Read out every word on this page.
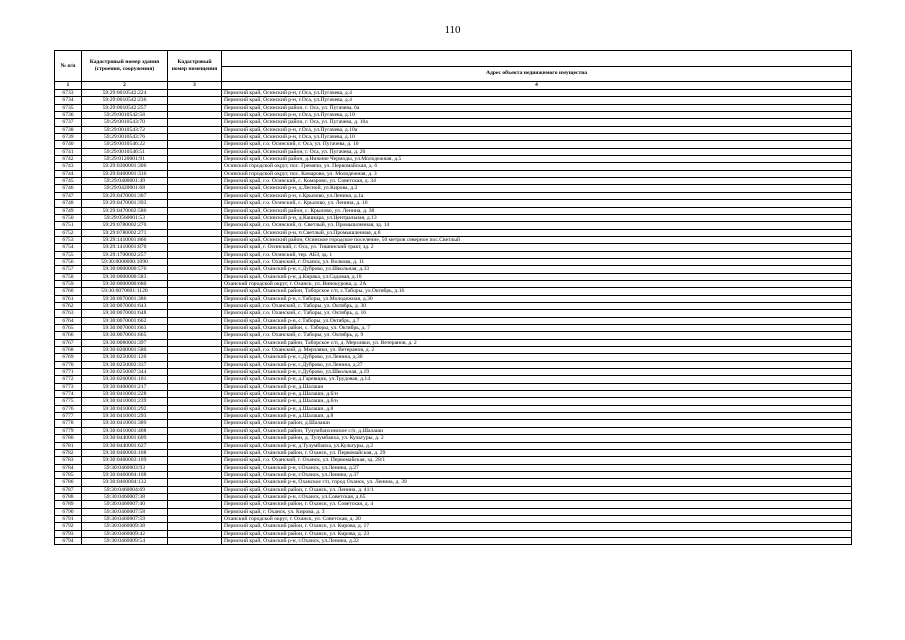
110
№ п/п	Кадастровый номер здания (строения, сооружения)	Кадастровый номер помещения	Адрес объекта недвижимого имущества

1	2	3	4
6733	59:29:0010542:224		Пермский край, Осинский р-н, г.Оса, ул.Пугачева, д.4
6734	59:29:0010542:236		Пермский край, Осинский р-н, г.Оса, ул.Пугачева, д.4
6735	59:29:0010542:257		Пермский край, Осинский район, г. Оса, ул. Пугачева, 6а
6736	59:29:0010542:58		Пермский край, Осинский р-н, г.Оса, ул.Пугачева, д.10
6737	59:29:0010543:70		Пермский край, Осинский район, г. Оса, ул. Пугачева, д. 10а
6738	59:29:0010543:72		Пермский край, Осинский р-н, г.Оса, ул.Пугачева, д.10а
6739	59:29:0010543:76		Пермский край, Осинский р-н, г.Оса, ул.Пугачева, д.10
6740	59:29:0010546:22		Пермский край, г.о. Осинский, г. Оса, ул. Пугачева, д. 10
6741	59:29:0010546:51		Пермский край, Осинский район, г. Оса, ул. Пугачева, д. 20
6742	59:29:0120001:91		Пермский край, Осинский район, д.Нижние Чермоды, ул.Молодежная, д.5
6743	59:29:0300001:306		Осинский городской округ, пос. Гремячи, ул. Первомайская, д. 6
6744	59:29:0400001:316		Осинский городской округ, пос. Комарово, ул. Молодежная, д. 3
6745	59:29:0400001:49		Пермский край, г.о. Осинский, с. Комарово, ул. Советская, д. 34
6746	59:29:0420001:68		Пермский край, Осинский р-н, д.Лесной, ул.Кирова, д.2
6747	59:29:0470001:307		Пермский край, Осинский р-н, с.Крылово, ул.Ленина, д.1а
6748	59:29:0470001:393		Пермский край, г.о. Осинский, с. Крылово, ул. Ленина, д. 16
6749	59:29:0470002:586		Пермский край, Осинский район, с. Крылово, ул. Ленина, д. 38
6750	59:29:0560001:53		Пермский край, Осинский р-н, д.Кашкара, ул.Центральная, д.13
6751	59:29:0780002:270		Пермский край, г.о. Осинский, п. Светлый, ул. Промышленная, зд. 14
6752	59:29:0780002:271		Пермский край, Осинский р-н, п.Светлый, ул.Промышленная, д.8
6753	59:29:1410001:866		Пермский край, Осинский район, Осинское городское поселение, 50 метров северное пос.Светлый
6754	59:29:1410001:870		Пермский край, г. Осинский, г. Оса, ул. Тишинский тракт, зд. 2
6755	59:29:1700002:257		Пермский край, г.о. Осинский, тер. АБЗ, зд. 1
6756	59:30:0000000:1090		Пермский край, г.о. Оханский, г. Оханск, ул. Волкова, д. 11
6757	59:30:0000000:576		Пермский край, Оханский р-н, с.Дуброво, ул.Школьная, д.33
6758	59:30:0000000:583		Пермский край, Оханский р-н, д.Киряка, ул.Садовая, д.10
6759	59:30:0000000:680		Оханский городской округ, г. Оханск, ул. Винокурова, д. 2А
6760	59:30:0070001:1120		Пермский край, Оханский район, Таборское с/п, с.Таборы, ул.Октябрь, д.16
6761	59:30:0070001:386		Пермский край, Оханский р-н, с.Таборы, ул.Молодежная, д.30
6762	59:30:0070001:643		Пермский край, г.о. Оханский, с. Таборы, ул. Октябрь, д. 30
6763	59:30:0070001:648		Пермский край, г.о. Оханский, с. Таборы, ул. Октябрь, д. 16
6764	59:30:0070001:662		Пермский край, Оханский р-н, с.Таборы, ул.Октябрь, д.7
6765	59:30:0070001:663		Пермский край, Оханский район, с. Таборы, ул. Октябрь, д. 7
6766	59:30:0070001:665		Пермский край, г.о. Оханский, с. Таборы, ул. Октябрь, д. 9
6767	59:30:0080001:397		Пермский край, Оханский район, Таборское с/п, д. Мерзляки, ул. Ветеранов, д. 2
6768	59:30:0200001:580		Пермский край, г.о. Оханский, д. Мерзляки, ул. Ветеранов, д. 2
6769	59:30:0250001:120		Пермский край, Оханский р-н, с.Дуброво, ул.Ленина, д.30
6770	59:30:0250002:337		Пермский край, Оханский р-н, с.Дуброво, ул.Ленина, д.27
6771	59:30:0250007:344		Пермский край, Оханский р-н, с.Дуброво, ул.Школьная, д.19
6772	59:30:0260001:101		Пермский край, Оханский р-н, д.Гаревщик, ул.Трудовая, д.14
6773	59:30:0400001:217		Пермский край, Оханский р-н, д.Шалаши
6774	59:30:0410001:228		Пермский край, Оханский р-н, д.Шалаши, д.б/н
6775	59:30:0410001:239		Пермский край, Оханский р-н, д.Шалаши, д.б/н
6776	59:30:0410001:292		Пермский край, Оханский р-н, д.Шалаши, д.8
6777	59:30:0410001:293		Пермский край, Оханский р-н, д.Шалаши, д.8
6778	59:30:0410001:389		Пермский край, Оханский район, д.Шалаши
6779	59:30:0410001:408		Пермский край, Оханский район, Тулумбаихинское с/п, д.Шалаши
6780	59:30:0440001:609		Пермский край, Оханский район, д. Тулумбаиха, ул. Культуры, д. 2
6781	59:30:0440001:627		Пермский край, Оханский р-н, д.Тулумбаиха, ул.Культуры, д.2
6782	59:30:0460003:108		Пермский край, Оханский район, г. Оханск, ул. Первомайская, д. 29
6783	59:30:0460003:109		Пермский край, г.о. Оханский, г. Оханск, ул. Первомайская, зд. 28/1
6784	59:30:0460003:93		Пермский край, Оханский р-н, г.Оханск, ул.Ленина, д.27
6785	59:30:0460004:108		Пермский край, Оханский р-н, г.Оханск, ул.Ленина, д.37
6786	59:30:0460004:132		Пермский край, Оханский р-н, Оханское г/п, город Оханск, ул. Ленина, д. 39
6787	59:30:0460004:69		Пермский край, Оханский район, г. Оханск, ул. Ленина, д. 41/1
6788	59:30:0460007:38		Пермский край, Оханский р-н, г.Оханск, ул.Советская, д.65
6789	59:30:0460007:40		Пермский край, Оханский район, г. Оханск, ул. Советская, д. 4
6790	59:30:0460007:58		Пермский край, г. Оханск, ул. Кирова, д. 3
6791	59:30:0460007:59		Оханский городской округ, г. Оханск, ул. Советская, д. 20
6792	59:30:0460009:38		Пермский край, Оханский район, г. Оханск, ул. Кирова, д. 17
6793	59:30:0460009:42		Пермский край, Оханский район, г. Оханск, ул. Кирова, д. 23
6794	59:30:0460009:54		Пермский край, Оханский р-н, г.Оханск, ул.Ленина, д.22
